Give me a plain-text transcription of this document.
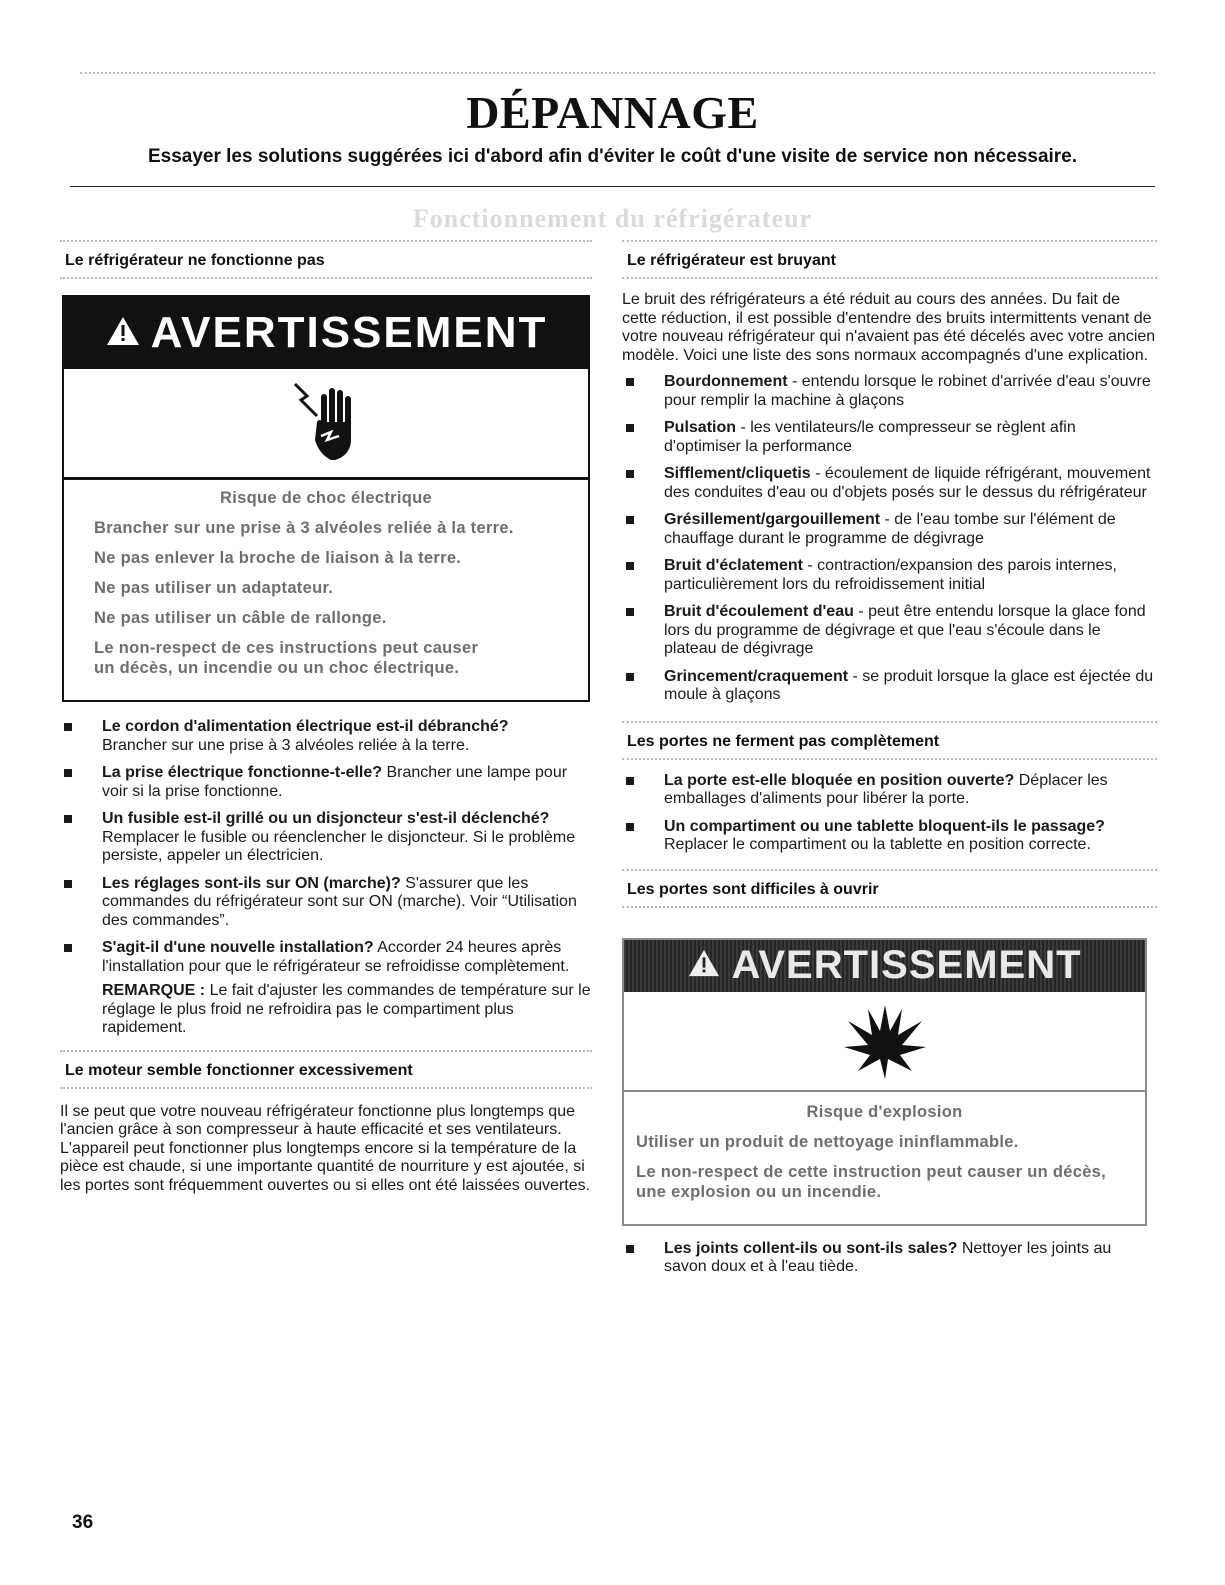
DÉPANNAGE

Essayer les solutions suggérées ici d'abord afin d'éviter le coût d'une visite de service non nécessaire.

Fonctionnement du réfrigérateur
Le réfrigérateur ne fonctionne pas
AVERTISSEMENT

Risque de choc électrique

Brancher sur une prise à 3 alvéoles reliée à la terre.

Ne pas enlever la broche de liaison à la terre.

Ne pas utiliser un adaptateur.

Ne pas utiliser un câble de rallonge.

Le non-respect de ces instructions peut causer

un décès, un incendie ou un choc électrique.

Le cordon d'alimentation électrique est-il débranché?
Brancher sur une prise à 3 alvéoles reliée à la terre.
La prise électrique fonctionne-t-elle? Brancher une lampe pour voir si la prise fonctionne.
Un fusible est-il grillé ou un disjoncteur s'est-il déclenché? Remplacer le fusible ou réenclencher le disjoncteur. Si le problème persiste, appeler un électricien.
Les réglages sont-ils sur ON (marche)? S'assurer que les commandes du réfrigérateur sont sur ON (marche). Voir “Utilisation des commandes”.
S'agit-il d'une nouvelle installation? Accorder 24 heures après l'installation pour que le réfrigérateur se refroidisse complètement.

REMARQUE : Le fait d'ajuster les commandes de température sur le réglage le plus froid ne refroidira pas le compartiment plus rapidement.

Le moteur semble fonctionner excessivement

Il se peut que votre nouveau réfrigérateur fonctionne plus longtemps que l'ancien grâce à son compresseur à haute efficacité et ses ventilateurs. L'appareil peut fonctionner plus longtemps encore si la température de la pièce est chaude, si une importante quantité de nourriture y est ajoutée, si les portes sont fréquemment ouvertes ou si elles ont été laissées ouvertes.

Le réfrigérateur est bruyant

Le bruit des réfrigérateurs a été réduit au cours des années. Du fait de cette réduction, il est possible d'entendre des bruits intermittents venant de votre nouveau réfrigérateur qui n'avaient pas été décelés avec votre ancien modèle. Voici une liste des sons normaux accompagnés d'une explication.

Bourdonnement - entendu lorsque le robinet d'arrivée d'eau s'ouvre pour remplir la machine à glaçons
Pulsation - les ventilateurs/le compresseur se règlent afin d'optimiser la performance
Sifflement/cliquetis - écoulement de liquide réfrigérant, mouvement des conduites d'eau ou d'objets posés sur le dessus du réfrigérateur
Grésillement/gargouillement - de l'eau tombe sur l'élément de chauffage durant le programme de dégivrage
Bruit d'éclatement - contraction/expansion des parois internes, particulièrement lors du refroidissement initial
Bruit d'écoulement d'eau - peut être entendu lorsque la glace fond lors du programme de dégivrage et que l'eau s'écoule dans le plateau de dégivrage
Grincement/craquement - se produit lorsque la glace est éjectée du moule à glaçons
Les portes ne ferment pas complètement
La porte est-elle bloquée en position ouverte? Déplacer les emballages d'aliments pour libérer la porte.
Un compartiment ou une tablette bloquent-ils le passage? Replacer le compartiment ou la tablette en position correcte.
Les portes sont difficiles à ouvrir
AVERTISSEMENT

Risque d'explosion

Utiliser un produit de nettoyage ininflammable.

Le non-respect de cette instruction peut causer un décès,

une explosion ou un incendie.

Les joints collent-ils ou sont-ils sales? Nettoyer les joints au savon doux et à l'eau tiède.
36
